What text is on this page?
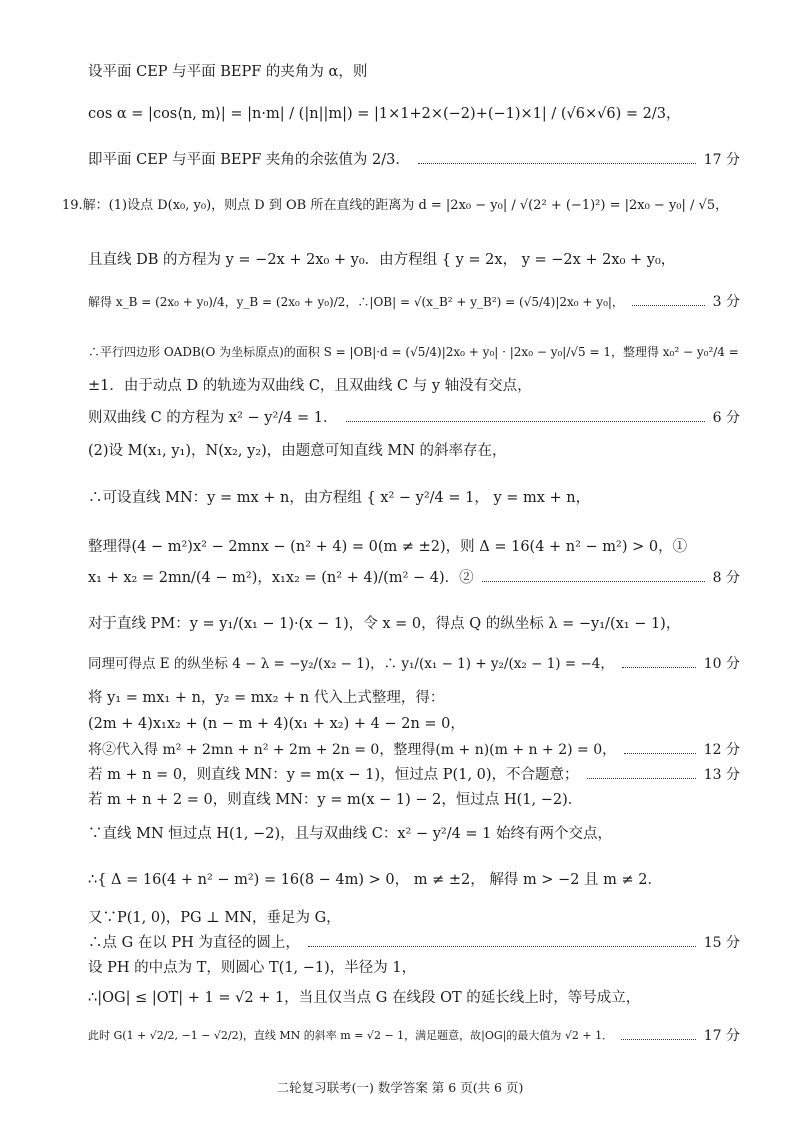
设平面 CEP 与平面 BEPF 的夹角为 α，则
cos α = |cos⟨n, m⟩| = |n·m| / (|n||m|) = |1×1+2×(−2)+(−1)×1| / (√6×√6) = 2/3，
即平面 CEP 与平面 BEPF 夹角的余弦值为 2/3．	17 分
19.解：(1)设点 D(x₀, y₀)，则点 D 到 OB 所在直线的距离为 d = |2x₀ − y₀| / √(2² + (−1)²) = |2x₀ − y₀| / √5，
且直线 DB 的方程为 y = −2x + 2x₀ + y₀．由方程组 { y = 2x， y = −2x + 2x₀ + y₀，
解得 x_B = (2x₀ + y₀)/4，y_B = (2x₀ + y₀)/2，∴|OB| = √(x_B² + y_B²) = (√5/4)|2x₀ + y₀|，	3 分
∴平行四边形 OADB(O 为坐标原点)的面积 S = |OB|·d = (√5/4)|2x₀ + y₀| · |2x₀ − y₀|/√5 = 1，整理得 x₀² − y₀²/4 =
±1．由于动点 D 的轨迹为双曲线 C，且双曲线 C 与 y 轴没有交点，
则双曲线 C 的方程为 x² − y²/4 = 1．	6 分
(2)设 M(x₁, y₁)，N(x₂, y₂)，由题意可知直线 MN 的斜率存在，
∴可设直线 MN：y = mx + n，由方程组 { x² − y²/4 = 1， y = mx + n，
整理得(4 − m²)x² − 2mnx − (n² + 4) = 0(m ≠ ±2)，则 Δ = 16(4 + n² − m²) > 0，①
x₁ + x₂ = 2mn/(4 − m²)，x₁x₂ = (n² + 4)/(m² − 4)．②	8 分
对于直线 PM：y = y₁/(x₁ − 1)·(x − 1)，令 x = 0，得点 Q 的纵坐标 λ = −y₁/(x₁ − 1)，
同理可得点 E 的纵坐标 4 − λ = −y₂/(x₂ − 1)，∴ y₁/(x₁ − 1) + y₂/(x₂ − 1) = −4，	10 分
将 y₁ = mx₁ + n，y₂ = mx₂ + n 代入上式整理，得：
(2m + 4)x₁x₂ + (n − m + 4)(x₁ + x₂) + 4 − 2n = 0，
将②代入得 m² + 2mn + n² + 2m + 2n = 0，整理得(m + n)(m + n + 2) = 0，	12 分
若 m + n = 0，则直线 MN：y = m(x − 1)，恒过点 P(1, 0)，不合题意；	13 分
若 m + n + 2 = 0，则直线 MN：y = m(x − 1) − 2，恒过点 H(1, −2)．
∵直线 MN 恒过点 H(1, −2)，且与双曲线 C：x² − y²/4 = 1 始终有两个交点，
∴{ Δ = 16(4 + n² − m²) = 16(8 − 4m) > 0， m ≠ ±2， 解得 m > −2 且 m ≠ 2．
又∵P(1, 0)，PG ⊥ MN，垂足为 G，
∴点 G 在以 PH 为直径的圆上，	15 分
设 PH 的中点为 T，则圆心 T(1, −1)，半径为 1，
∴|OG| ≤ |OT| + 1 = √2 + 1，当且仅当点 G 在线段 OT 的延长线上时，等号成立，
此时 G(1 + √2/2, −1 − √2/2)，直线 MN 的斜率 m = √2 − 1，满足题意，故|OG|的最大值为 √2 + 1．	17 分
二轮复习联考(一) 数学答案 第 6 页(共 6 页)
